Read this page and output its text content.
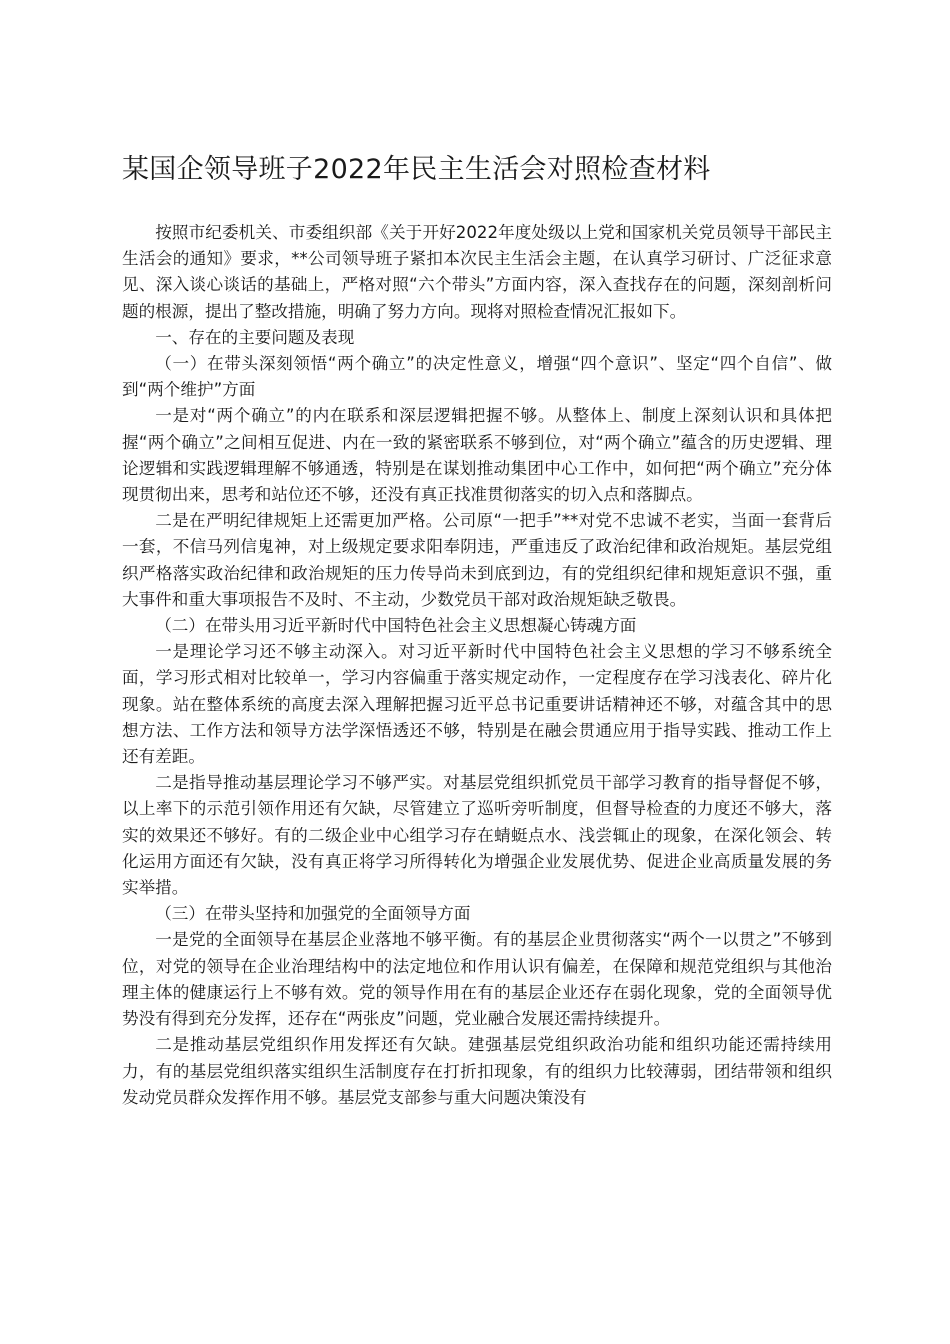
某国企领导班子2022年民主生活会对照检查材料

按照市纪委机关、市委组织部《关于开好2022年度处级以上党和国家机关党员领导干部民主生活会的通知》要求，**公司领导班子紧扣本次民主生活会主题，在认真学习研讨、广泛征求意见、深入谈心谈话的基础上，严格对照“六个带头”方面内容，深入查找存在的问题，深刻剖析问题的根源，提出了整改措施，明确了努力方向。现将对照检查情况汇报如下。

一、存在的主要问题及表现

（一）在带头深刻领悟“两个确立”的决定性意义，增强“四个意识”、坚定“四个自信”、做到“两个维护”方面

一是对“两个确立”的内在联系和深层逻辑把握不够。从整体上、制度上深刻认识和具体把握“两个确立”之间相互促进、内在一致的紧密联系不够到位，对“两个确立”蕴含的历史逻辑、理论逻辑和实践逻辑理解不够通透，特别是在谋划推动集团中心工作中，如何把“两个确立”充分体现贯彻出来，思考和站位还不够，还没有真正找准贯彻落实的切入点和落脚点。

二是在严明纪律规矩上还需更加严格。公司原“一把手”**对党不忠诚不老实，当面一套背后一套，不信马列信鬼神，对上级规定要求阳奉阴违，严重违反了政治纪律和政治规矩。基层党组织严格落实政治纪律和政治规矩的压力传导尚未到底到边，有的党组织纪律和规矩意识不强，重大事件和重大事项报告不及时、不主动，少数党员干部对政治规矩缺乏敬畏。

（二）在带头用习近平新时代中国特色社会主义思想凝心铸魂方面

一是理论学习还不够主动深入。对习近平新时代中国特色社会主义思想的学习不够系统全面，学习形式相对比较单一，学习内容偏重于落实规定动作，一定程度存在学习浅表化、碎片化现象。站在整体系统的高度去深入理解把握习近平总书记重要讲话精神还不够，对蕴含其中的思想方法、工作方法和领导方法学深悟透还不够，特别是在融会贯通应用于指导实践、推动工作上还有差距。

二是指导推动基层理论学习不够严实。对基层党组织抓党员干部学习教育的指导督促不够，以上率下的示范引领作用还有欠缺，尽管建立了巡听旁听制度，但督导检查的力度还不够大，落实的效果还不够好。有的二级企业中心组学习存在蜻蜓点水、浅尝辄止的现象，在深化领会、转化运用方面还有欠缺，没有真正将学习所得转化为增强企业发展优势、促进企业高质量发展的务实举措。

（三）在带头坚持和加强党的全面领导方面

一是党的全面领导在基层企业落地不够平衡。有的基层企业贯彻落实“两个一以贯之”不够到位，对党的领导在企业治理结构中的法定地位和作用认识有偏差，在保障和规范党组织与其他治理主体的健康运行上不够有效。党的领导作用在有的基层企业还存在弱化现象，党的全面领导优势没有得到充分发挥，还存在“两张皮”问题，党业融合发展还需持续提升。

二是推动基层党组织作用发挥还有欠缺。建强基层党组织政治功能和组织功能还需持续用力，有的基层党组织落实组织生活制度存在打折扣现象，有的组织力比较薄弱，团结带领和组织发动党员群众发挥作用不够。基层党支部参与重大问题决策没有
